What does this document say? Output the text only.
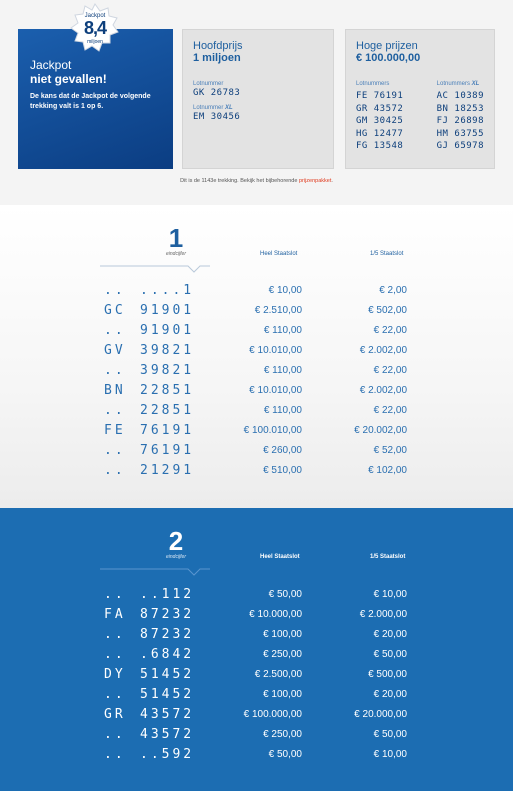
Jackpot
niet gevallen!
De kans dat de Jackpot de volgende trekking valt is 1 op 6.
Jackpot
8,4
miljoen	Hoofdprijs
1 miljoen
Lotnummer
GK 26783
Lotnummer XL
EM 30456
Hoge prijzen
€ 100.000,00
Lotnummers
FE 76191
GR 43572
GM 30425
HG 12477
FG 13548
Lotnummers XL
AC 10389
BN 18253
FJ 26898
HM 63755
GJ 65978
Dit is de 1143e trekking. Bekijk het bijbehorende prijzenpakket.
1
eindcijfer	Heel Staatslot	1/5 Staatslot
..	....1	€ 10,00	€ 2,00
GC	91901	€ 2.510,00	€ 502,00
..	91901	€ 110,00	€ 22,00
GV	39821	€ 10.010,00	€ 2.002,00
..	39821	€ 110,00	€ 22,00
BN	22851	€ 10.010,00	€ 2.002,00
..	22851	€ 110,00	€ 22,00
FE	76191	€ 100.010,00	€ 20.002,00
..	76191	€ 260,00	€ 52,00
..	21291	€ 510,00	€ 102,00
2
eindcijfer	Heel Staatslot	1/5 Staatslot
..	..112	€ 50,00	€ 10,00
FA	87232	€ 10.000,00	€ 2.000,00
..	87232	€ 100,00	€ 20,00
..	.6842	€ 250,00	€ 50,00
DY	51452	€ 2.500,00	€ 500,00
..	51452	€ 100,00	€ 20,00
GR	43572	€ 100.000,00	€ 20.000,00
..	43572	€ 250,00	€ 50,00
..	..592	€ 50,00	€ 10,00
